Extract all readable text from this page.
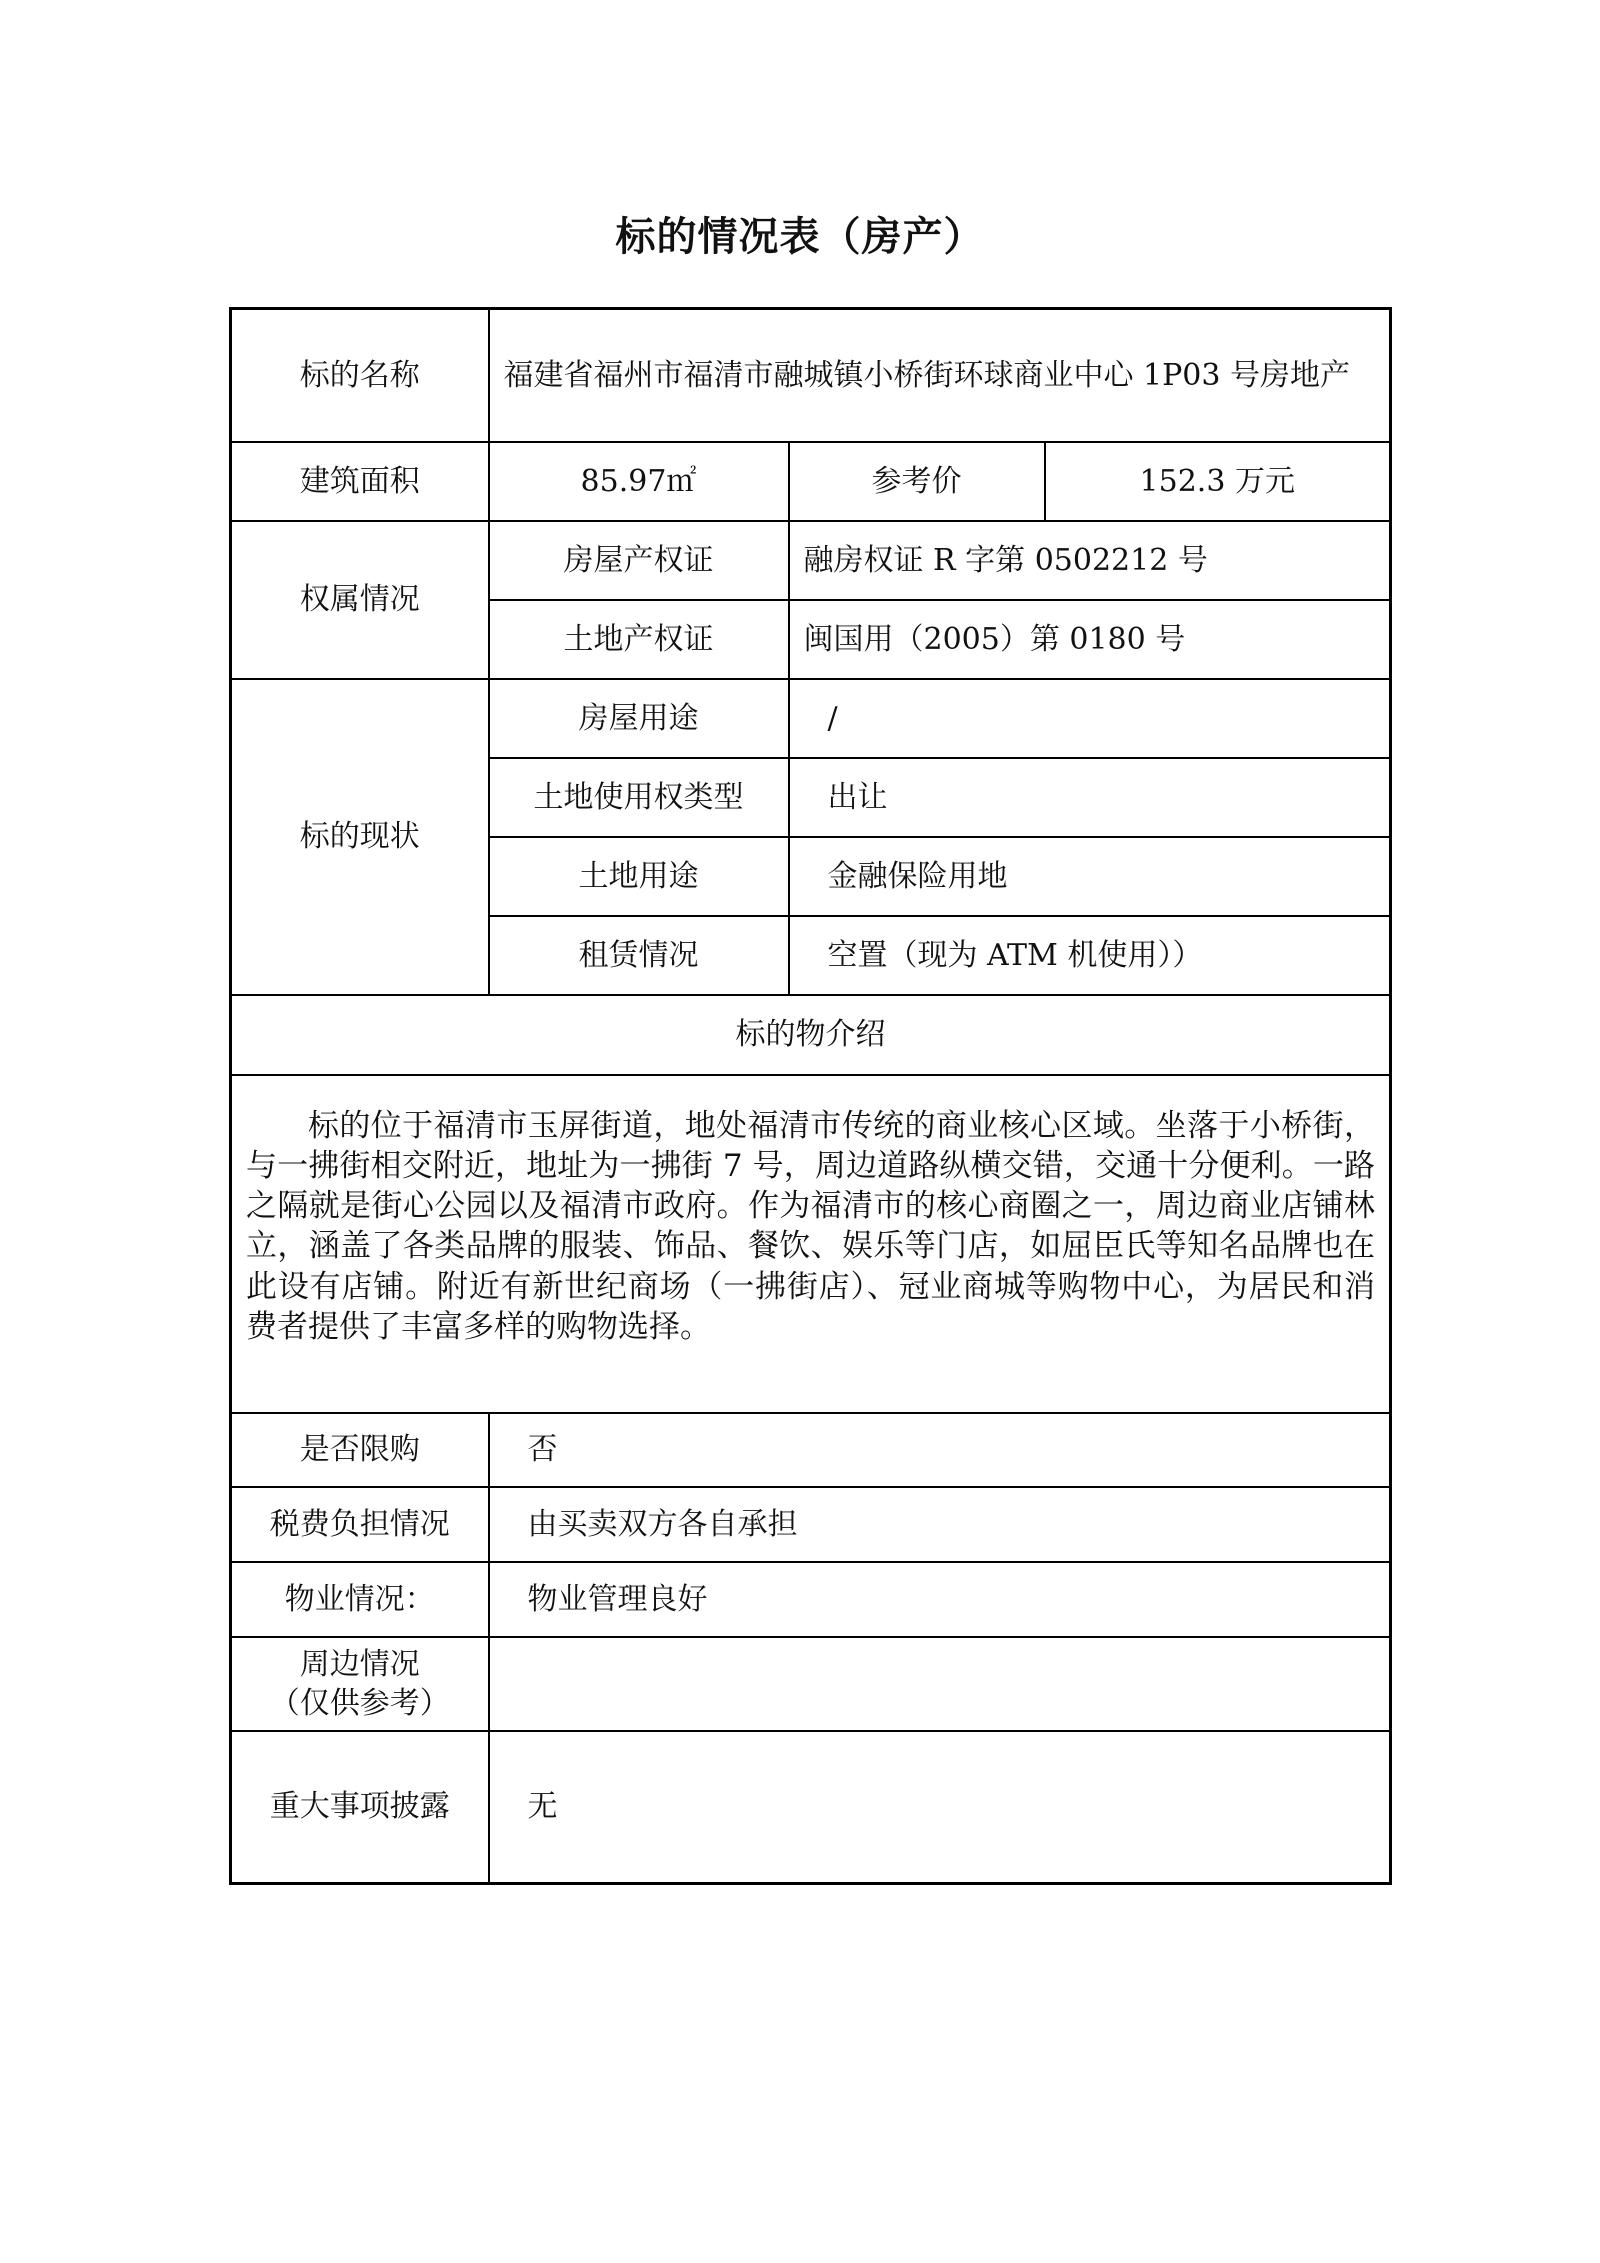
标的情况表（房产）
标的名称	福建省福州市福清市融城镇小桥街环球商业中心 1P03 号房地产		
建筑面积	85.97㎡	参考价	152.3 万元
权属情况	房屋产权证	融房权证 R 字第 0502212 号	
	土地产权证	闽国用（2005）第 0180 号	
标的现状	房屋用途	/	
	土地使用权类型	出让	
	土地用途	金融保险用地	
	租赁情况	空置（现为 ATM 机使用））	
标的物介绍			

标的位于福清市玉屏街道，地处福清市传统的商业核心区域。坐落于小桥街，与一拂街相交附近，地址为一拂街 7 号，周边道路纵横交错，交通十分便利。一路之隔就是街心公园以及福清市政府。作为福清市的核心商圈之一，周边商业店铺林立，涵盖了各类品牌的服装、饰品、餐饮、娱乐等门店，如屈臣氏等知名品牌也在此设有店铺。附近有新世纪商场（一拂街店）、冠业商城等购物中心，为居民和消费者提供了丰富多样的购物选择。			

是否限购	否		
税费负担情况	由买卖双方各自承担		
物业情况：	物业管理良好		

周边情况
（仅供参考）			

重大事项披露	无		
